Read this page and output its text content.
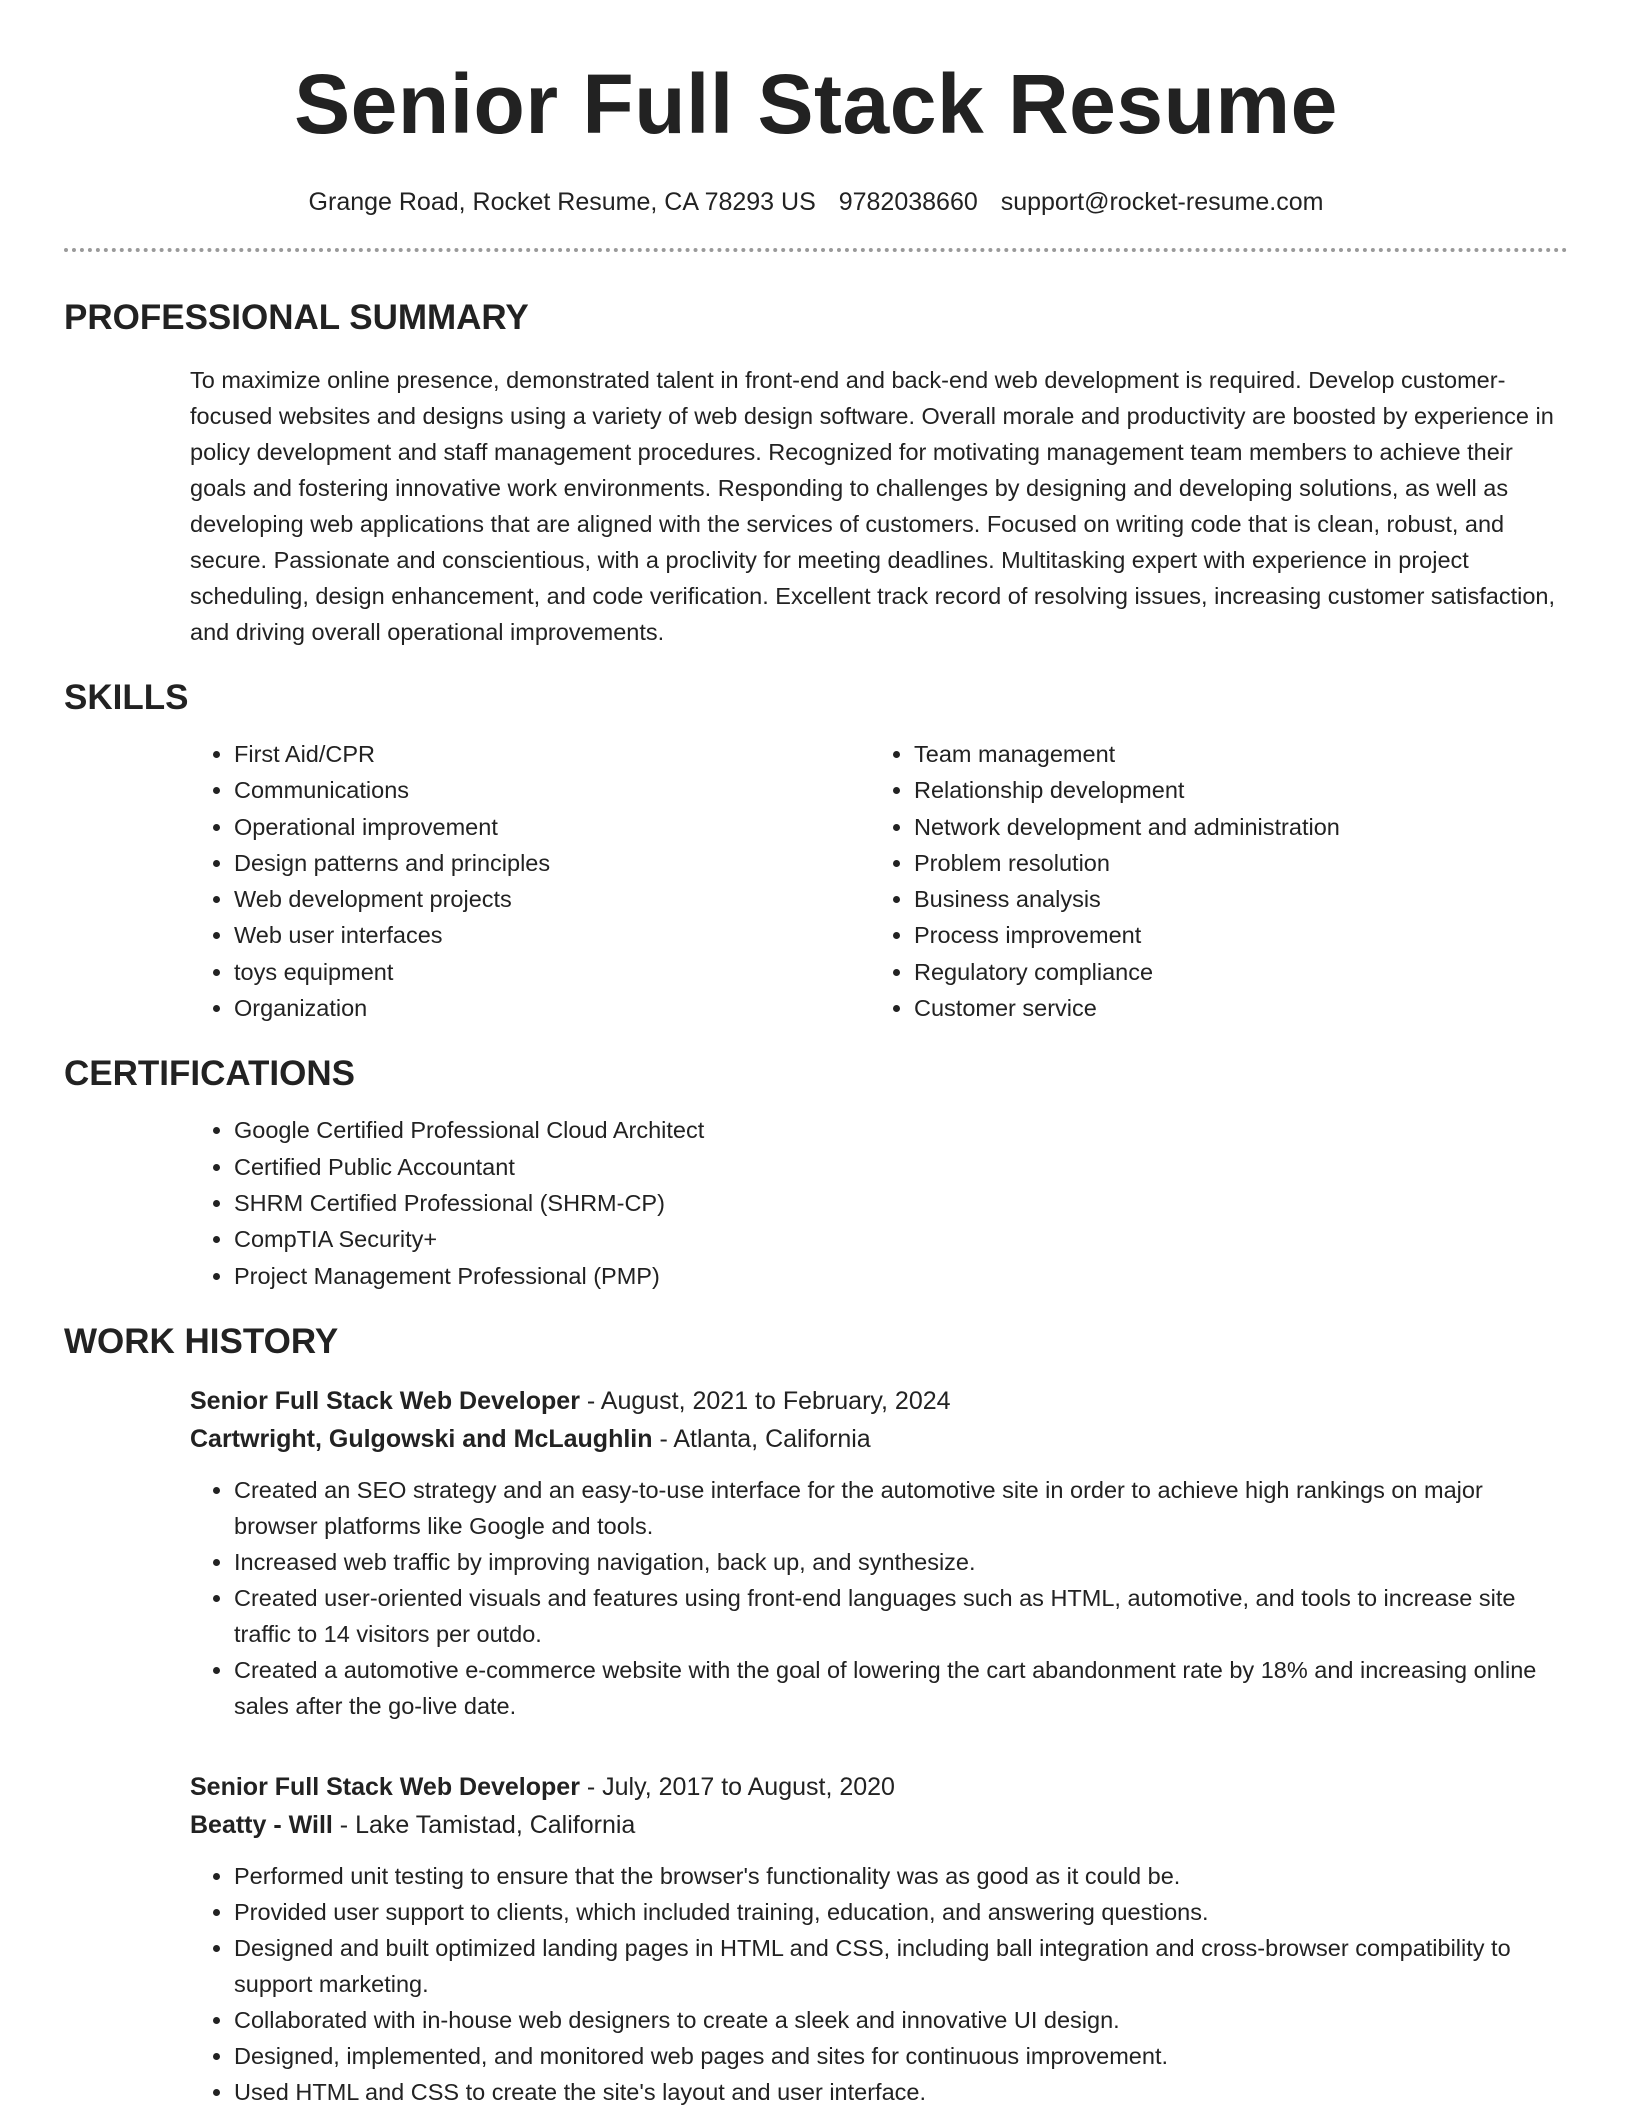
Senior Full Stack Resume
Grange Road, Rocket Resume, CA 78293 US 9782038660 support@rocket-resume.com
PROFESSIONAL SUMMARY

To maximize online presence, demonstrated talent in front-end and back-end web development is required. Develop customer-focused websites and designs using a variety of web design software. Overall morale and productivity are boosted by experience in policy development and staff management procedures. Recognized for motivating management team members to achieve their goals and fostering innovative work environments. Responding to challenges by designing and developing solutions, as well as developing web applications that are aligned with the services of customers. Focused on writing code that is clean, robust, and secure. Passionate and conscientious, with a proclivity for meeting deadlines. Multitasking expert with experience in project scheduling, design enhancement, and code verification. Excellent track record of resolving issues, increasing customer satisfaction, and driving overall operational improvements.

SKILLS
• First Aid/CPR
• Communications
• Operational improvement
• Design patterns and principles
• Web development projects
• Web user interfaces
• toys equipment
• Organization
• Team management
• Relationship development
• Network development and administration
• Problem resolution
• Business analysis
• Process improvement
• Regulatory compliance
• Customer service
CERTIFICATIONS
• Google Certified Professional Cloud Architect
• Certified Public Accountant
• SHRM Certified Professional (SHRM-CP)
• CompTIA Security+
• Project Management Professional (PMP)
WORK HISTORY
Senior Full Stack Web Developer - August, 2021 to February, 2024
Cartwright, Gulgowski and McLaughlin - Atlanta, California
• Created an SEO strategy and an easy-to-use interface for the automotive site in order to achieve high rankings on major browser platforms like Google and tools.
• Increased web traffic by improving navigation, back up, and synthesize.
• Created user-oriented visuals and features using front-end languages such as HTML, automotive, and tools to increase site traffic to 14 visitors per outdo.
• Created a automotive e-commerce website with the goal of lowering the cart abandonment rate by 18% and increasing online sales after the go-live date.
Senior Full Stack Web Developer - July, 2017 to August, 2020
Beatty - Will - Lake Tamistad, California
• Performed unit testing to ensure that the browser's functionality was as good as it could be.
• Provided user support to clients, which included training, education, and answering questions.
• Designed and built optimized landing pages in HTML and CSS, including ball integration and cross-browser compatibility to support marketing.
• Collaborated with in-house web designers to create a sleek and innovative UI design.
• Designed, implemented, and monitored web pages and sites for continuous improvement.
• Used HTML and CSS to create the site's layout and user interface.
